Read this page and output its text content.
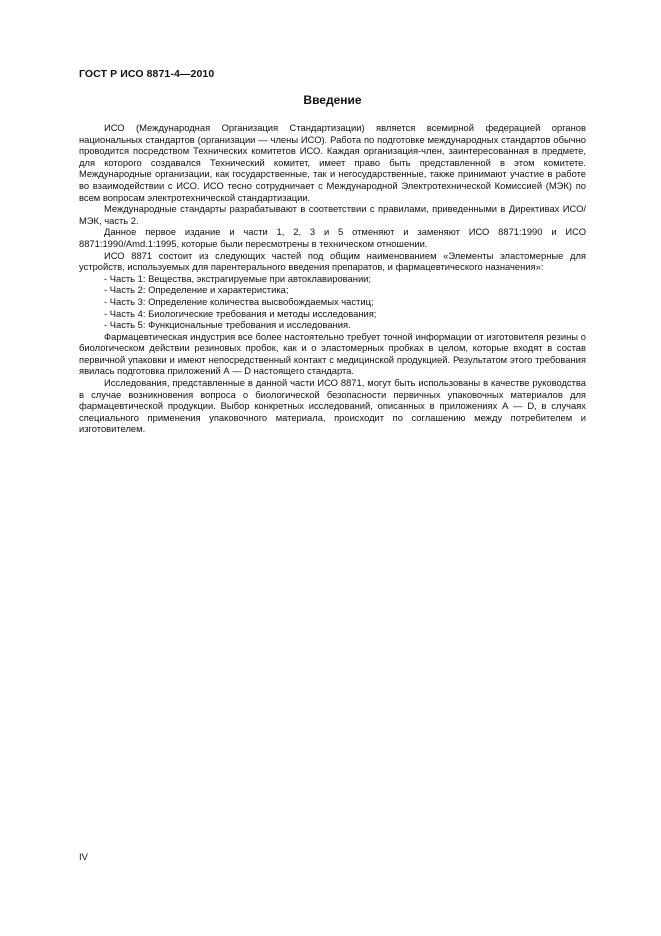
ГОСТ Р ИСО 8871-4—2010
Введение

ИСО (Международная Организация Стандартизации) является всемирной федерацией органов национальных стандартов (организации — члены ИСО). Работа по подготовке международных стандартов обычно проводится посредством Технических комитетов ИСО. Каждая организация-член, заинтересованная в предмете, для которого создавался Технический комитет, имеет право быть представленной в этом комитете. Международные организации, как государственные, так и негосударственные, также принимают участие в работе во взаимодействии с ИСО. ИСО тесно сотрудничает с Международной Электротехнической Комиссией (МЭК) по всем вопросам электротехнической стандартизации.

Международные стандарты разрабатывают в соответствии с правилами, приведенными в Директивах ИСО/МЭК, часть 2.

Данное первое издание и части 1, 2, 3 и 5 отменяют и заменяют ИСО 8871:1990 и ИСО 8871:1990/Amd.1:1995, которые были пересмотрены в техническом отношении.

ИСО 8871 состоит из следующих частей под общим наименованием «Элементы эластомерные для устройств, используемых для парентерального введения препаратов, и фармацевтического назначения»:

- Часть 1: Вещества, экстрагируемые при автоклавировании;
- Часть 2: Определение и характеристика;
- Часть 3: Определение количества высвобождаемых частиц;
- Часть 4: Биологические требования и методы исследования;
- Часть 5: Функциональные требования и исследования.

Фармацевтическая индустрия все более настоятельно требует точной информации от изготовителя резины о биологическом действии резиновых пробок, как и о эластомерных пробках в целом, которые входят в состав первичной упаковки и имеют непосредственный контакт с медицинской продукцией. Результатом этого требования явилась подготовка приложений А — D настоящего стандарта.

Исследования, представленные в данной части ИСО 8871, могут быть использованы в качестве руководства в случае возникновения вопроса о биологической безопасности первичных упаковочных материалов для фармацевтической продукции. Выбор конкретных исследований, описанных в приложениях А — D, в случаях специального применения упаковочного материала, происходит по соглашению между потребителем и изготовителем.

IV
